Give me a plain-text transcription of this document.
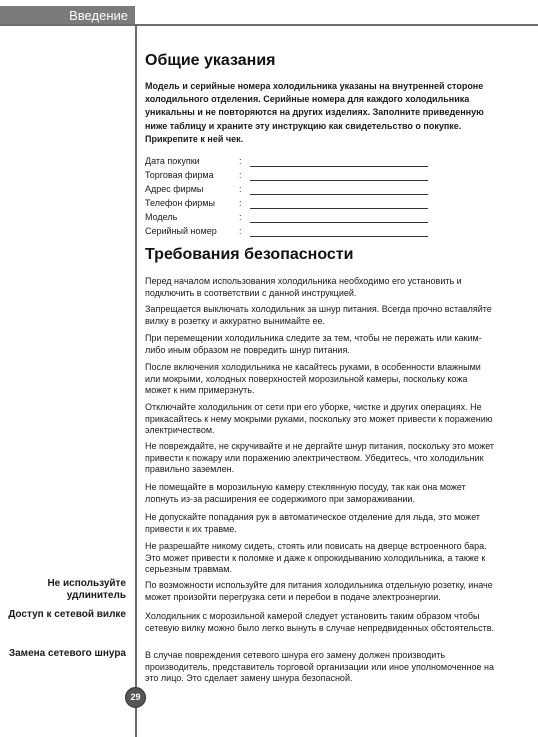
Введение
Общие указания
Модель и серийные номера холодильника указаны на внутренней стороне холодильного отделения. Серийные номера для каждого холодильника уникальны и не повторяются на других изделиях. Заполните приведенную ниже таблицу и храните эту инструкцию как свидетельство о покупке. Прикрепите к ней чек.
Дата покупки	:
Торговая фирма	:
Адрес фирмы	:
Телефон фирмы	:
Модель	:
Серийный номер :
Требования безопасности

Перед началом использования холодильника необходимо его установить и подключить в соответствии с данной инструкцией.

Запрещается выключать холодильник за шнур питания. Всегда прочно вставляйте вилку в розетку и аккуратно вынимайте ее.

При перемещении холодильника следите за тем, чтобы не пережать или каким-либо иным образом не повредить шнур питания.

После включения холодильника не касайтесь руками, в особенности влажными или мокрыми, холодных поверхностей морозильной камеры, поскольку кожа может к ним примерзнуть.

Отключайте холодильник от сети при его уборке, чистке и других операциях. Не прикасайтесь к нему мокрыми руками, поскольку это может привести к поражению электричеством.

Не повреждайте, не скручивайте и не дергайте шнур питания, поскольку это может привести к пожару или поражению электричеством. Убедитесь, что холодильник правильно заземлен.

Не помещайте в морозильную камеру стеклянную посуду, так как она может лопнуть из-за расширения ее содержимого при замораживании.

Не допускайте попадания рук в автоматическое отделение для льда, это может привести к их травме.

Не разрешайте никому сидеть, стоять или повисать на дверце встроенного бара. Это может привести к поломке и даже к опрокидыванию холодильника, а также к серьезным травмам.

По возможности используйте для питания холодильника отдельную розетку, иначе может произойти перегрузка сети и перебои в подаче электроэнергии.

Холодильник с морозильной камерой следует установить таким образом чтобы сетевую вилку можно было легко вынуть в случае непредвиденных обстоятельств.

В случае повреждения сетевого шнура его замену должен производить производитель, представитель торговой организации или иное уполномоченное на это лицо. Это сделает замену шнура безопасной.

Не используйте удлинитель
Доступ к сетевой вилке
Замена сетевого шнура
29
